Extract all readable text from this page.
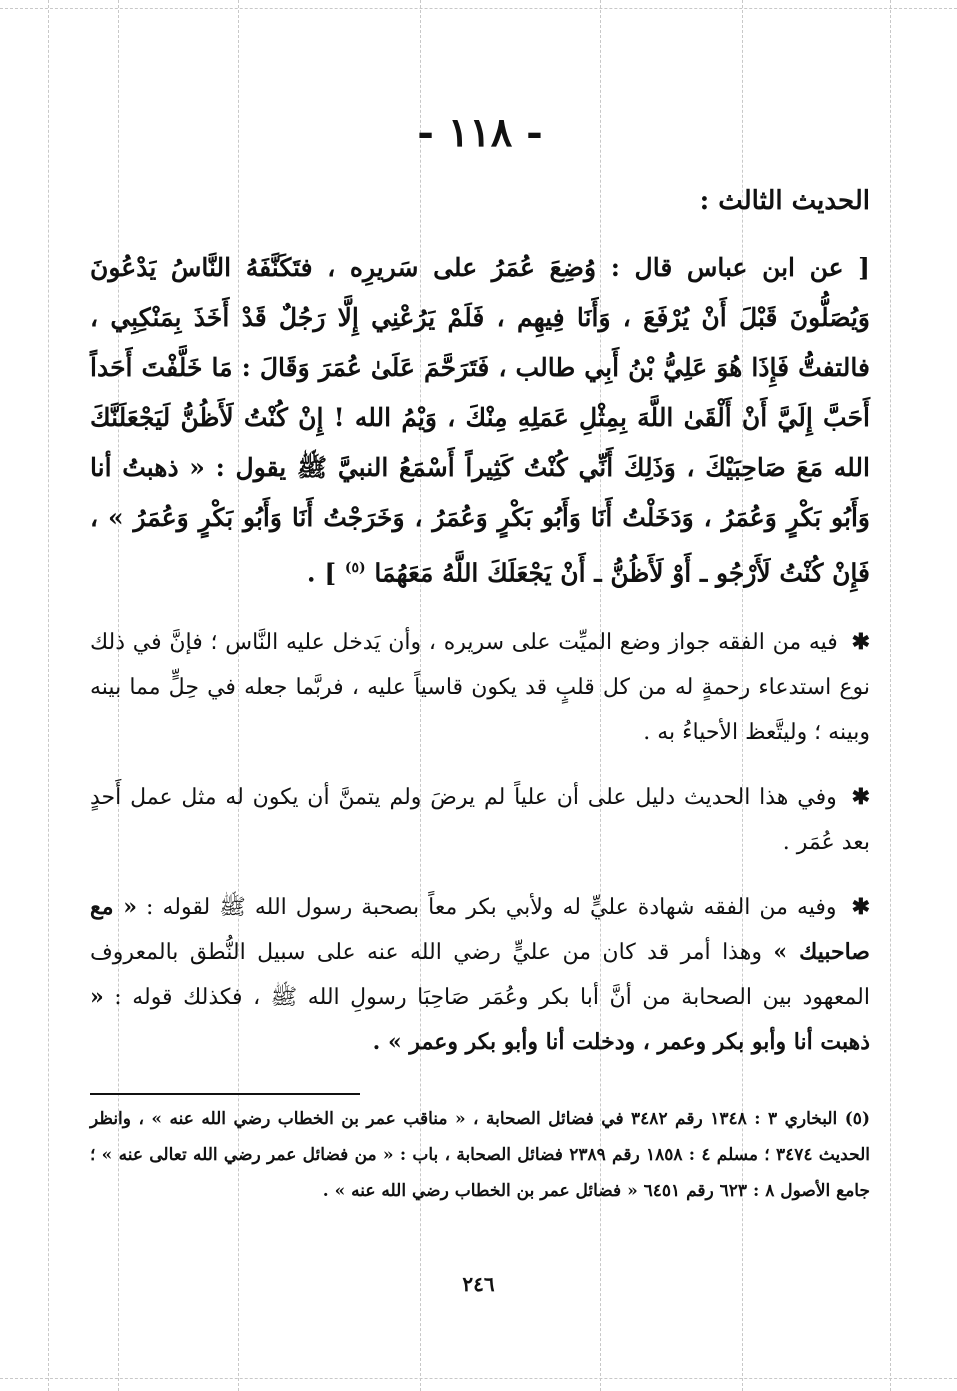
- ١١٨ -
الحديث الثالث :

[ عن ابن عباس قال : وُضِعَ عُمَرُ على سَريرِه ، فتَكَنَّفَهُ النَّاسُ يَدْعُونَ وَيُصَلُّونَ قَبْلَ أَنْ يُرْفَعَ ، وَأَنَا فِيهِم ، فَلَمْ يَرُعْنِي إِلَّا رَجُلٌ قَدْ أَخَذَ بِمَنْكِبِي ، فالتفتُّ فَإِذَا هُوَ عَلِيُّ بْنُ أَبِي طالب ، فَتَرَحَّمَ عَلَىٰ عُمَرَ وَقَالَ : مَا خَلَّفْتَ أَحَداً أَحَبَّ إِلَيَّ أَنْ أَلْقَىٰ اللَّهَ بِمِثْلِ عَمَلِهِ مِنْكَ ، وَيْمُ الله ! إِنْ كُنْتُ لَأَظُنُّ لَيَجْعَلَنَّكَ الله مَعَ صَاحِبَيْكَ ، وَذَلِكَ أَنِّي كُنْتُ كَثِيراً أَسْمَعُ النبيَّ ﷺ يقول : « ذهبتُ أنا وَأَبُو بَكْرٍ وَعُمَرُ ، وَدَخَلْتُ أَنَا وَأَبُو بَكْرٍ وَعُمَرُ ، وَخَرَجْتُ أَنَا وَأَبُو بَكْرٍ وَعُمَرُ » ، فَإِنْ كُنْتُ لَأَرْجُو ـ أَوْ لَأَظُنُّ ـ أَنْ يَجْعَلَكَ اللَّهُ مَعَهُمَا $^{(٥)}$ ] .

✱ فيه من الفقه جواز وضع الميِّت على سريره ، وأن يَدخل عليه النَّاس ؛ فإنَّ في ذلك نوع استدعاء رحمةٍ له من كل قلبٍ قد يكون قاسياً عليه ، فربَّما جعله في حِلٍّ مما بينه وبينه ؛ وليتَّعظ الأحياءُ به .

✱ وفي هذا الحديث دليل على أن علياً لم يرضَ ولم يتمنَّ أن يكون له مثل عمل أَحدٍ بعد عُمَر .

✱ وفيه من الفقه شهادة عليٍّ له ولأبي بكر معاً بصحبة رسول الله ﷺ لقوله : « مع صاحبيك » وهذا أمر قد كان من عليٍّ رضي الله عنه على سبيل النُّطق بالمعروف المعهود بين الصحابة من أنَّ أبا بكر وعُمَر صَاحِبَا رسولِ الله ﷺ ، فكذلك قوله : « ذهبت أنا وأبو بكر وعمر ، ودخلت أنا وأبو بكر وعمر » .

(٥) البخاري ٣ : ١٣٤٨ رقم ٣٤٨٢ في فضائل الصحابة ، « مناقب عمر بن الخطاب رضي الله عنه » ، وانظر الحديث ٣٤٧٤ ؛ مسلم ٤ : ١٨٥٨ رقم ٢٣٨٩ فضائل الصحابة ، باب : « من فضائل عمر رضي الله تعالى عنه » ؛ جامع الأصول ٨ : ٦٢٣ رقم ٦٤٥١ « فضائل عمر بن الخطاب رضي الله عنه » .

٢٤٦
